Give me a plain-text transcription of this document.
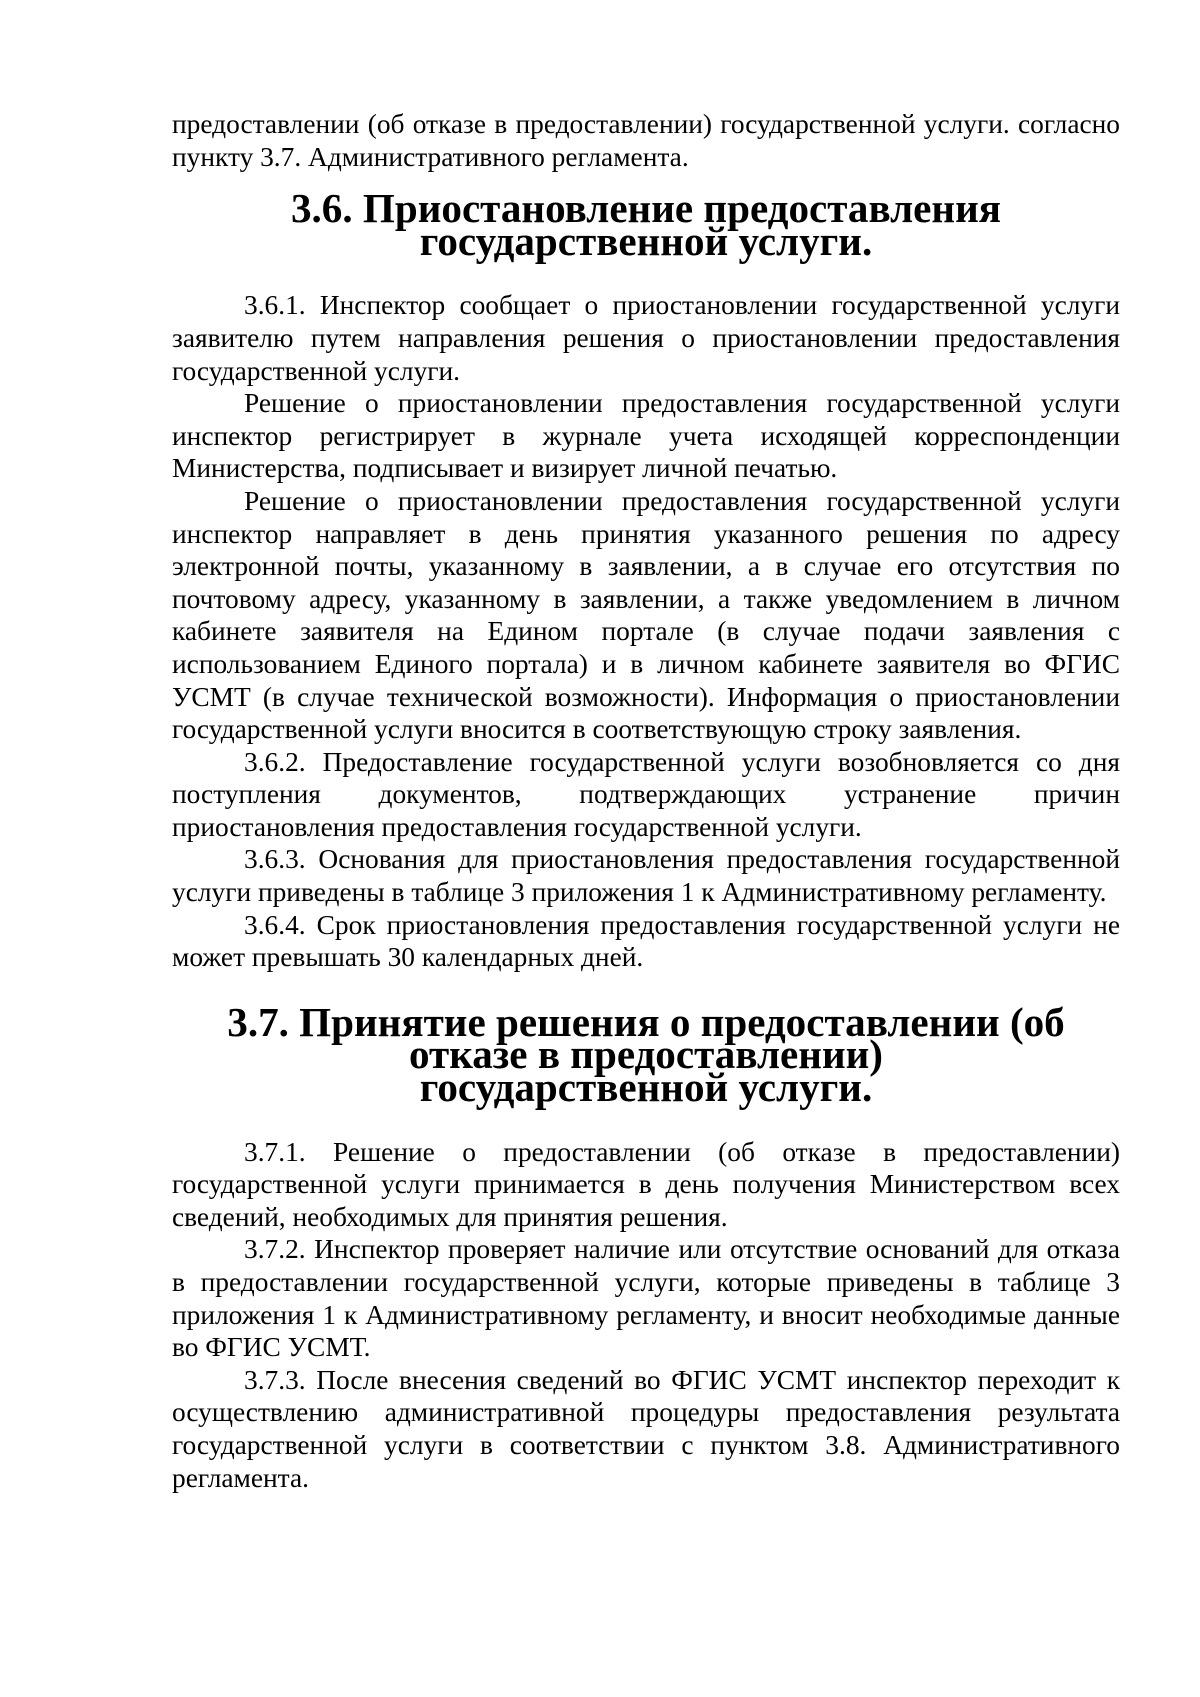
предоставлении (об отказе в предоставлении) государственной услуги. согласно пункту 3.7. Административного регламента.

3.6. Приостановление предоставления государственной услуги.

3.6.1. Инспектор сообщает о приостановлении государственной услуги заявителю путем направления решения о приостановлении предоставления государственной услуги.

Решение о приостановлении предоставления государственной услуги инспектор регистрирует в журнале учета исходящей корреспонденции Министерства, подписывает и визирует личной печатью.

Решение о приостановлении предоставления государственной услуги инспектор направляет в день принятия указанного решения по адресу электронной почты, указанному в заявлении, а в случае его отсутствия по почтовому адресу, указанному в заявлении, а также уведомлением в личном кабинете заявителя на Едином портале (в случае подачи заявления с использованием Единого портала) и в личном кабинете заявителя во ФГИС УСМТ (в случае технической возможности). Информация о приостановлении государственной услуги вносится в соответствующую строку заявления.

3.6.2. Предоставление государственной услуги возобновляется со дня поступления документов, подтверждающих устранение причин приостановления предоставления государственной услуги.

3.6.3. Основания для приостановления предоставления государственной услуги приведены в таблице 3 приложения 1 к Административному регламенту.

3.6.4. Срок приостановления предоставления государственной услуги не может превышать 30 календарных дней.

3.7. Принятие решения о предоставлении (об отказе в предоставлении)
государственной услуги.

3.7.1. Решение о предоставлении (об отказе в предоставлении) государственной услуги принимается в день получения Министерством всех сведений, необходимых для принятия решения.

3.7.2. Инспектор проверяет наличие или отсутствие оснований для отказа в предоставлении государственной услуги, которые приведены в таблице 3 приложения 1 к Административному регламенту, и вносит необходимые данные во ФГИС УСМТ.

3.7.3. После внесения сведений во ФГИС УСМТ инспектор переходит к осуществлению административной процедуры предоставления результата государственной услуги в соответствии с пунктом 3.8. Административного регламента.
